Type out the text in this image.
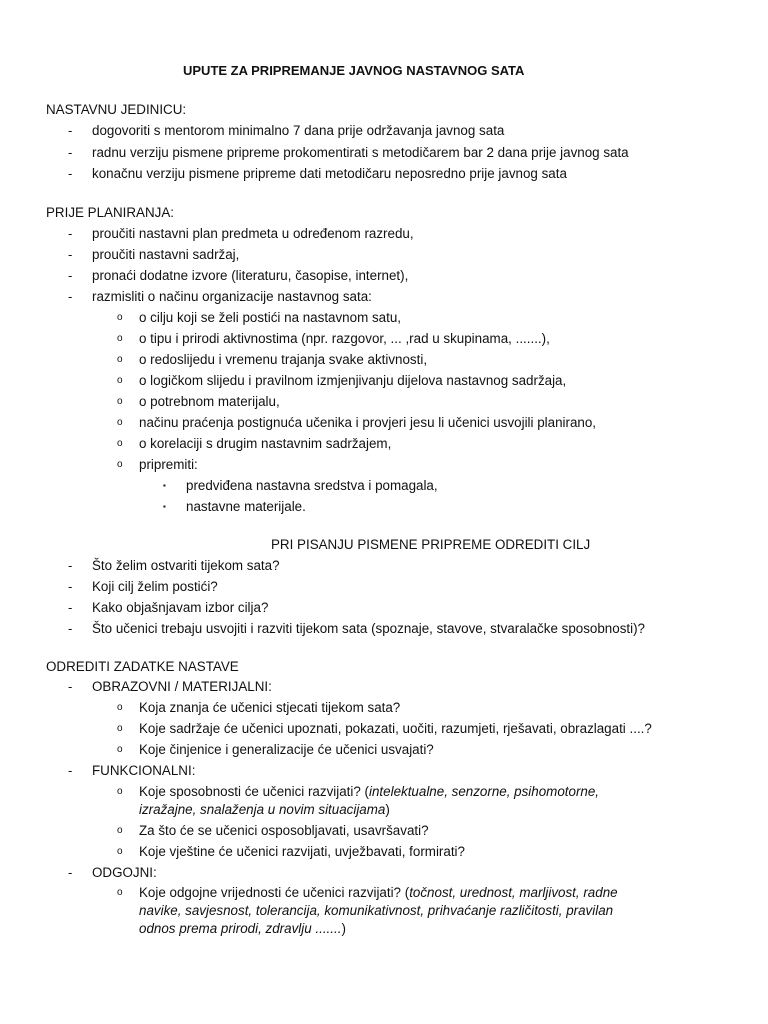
UPUTE ZA PRIPREMANJE JAVNOG NASTAVNOG SATA
NASTAVNU JEDINICU:
- dogovoriti s mentorom minimalno 7 dana prije održavanja javnog sata
- radnu verziju pismene pripreme prokomentirati s metodičarem bar 2 dana prije javnog sata
- konačnu verziju pismene pripreme dati metodičaru neposredno prije javnog sata
PRIJE PLANIRANJA:
- proučiti nastavni plan predmeta u određenom razredu,
- proučiti nastavni sadržaj,
- pronaći dodatne izvore (literaturu, časopise, internet),
- razmisliti o načinu organizacije nastavnog sata:
o o cilju koji se želi postići na nastavnom satu,
o o tipu i prirodi aktivnostima (npr. razgovor, ... ,rad u skupinama, .......),
o o redoslijedu i vremenu trajanja svake aktivnosti,
o o logičkom slijedu i pravilnom izmjenjivanju dijelova nastavnog sadržaja,
o o potrebnom materijalu,
o načinu praćenja postignuća učenika i provjeri jesu li učenici usvojili planirano,
o o korelaciji s drugim nastavnim sadržajem,
o pripremiti:
▪ predviđena nastavna sredstva i pomagala,
▪ nastavne materijale.
PRI PISANJU PISMENE PRIPREME ODREDITI CILJ
- Što želim ostvariti tijekom sata?
- Koji cilj želim postići?
- Kako objašnjavam izbor cilja?
- Što učenici trebaju usvojiti i razviti tijekom sata (spoznaje, stavove, stvaralačke sposobnosti)?
ODREDITI ZADATKE NASTAVE
- OBRAZOVNI / MATERIJALNI:
o Koja znanja će učenici stjecati tijekom sata?
o Koje sadržaje će učenici upoznati, pokazati, uočiti, razumjeti, rješavati, obrazlagati ....?
o Koje činjenice i generalizacije će učenici usvajati?
- FUNKCIONALNI:
o Koje sposobnosti će učenici razvijati? (intelektualne, senzorne, psihomotorne,
izražajne, snalaženja u novim situacijama)
o Za što će se učenici osposobljavati, usavršavati?
o Koje vještine će učenici razvijati, uvježbavati, formirati?
- ODGOJNI:
o Koje odgojne vrijednosti će učenici razvijati? (točnost, urednost, marljivost, radne
navike, savjesnost, tolerancija, komunikativnost, prihvaćanje različitosti, pravilan
odnos prema prirodi, zdravlju .......)
